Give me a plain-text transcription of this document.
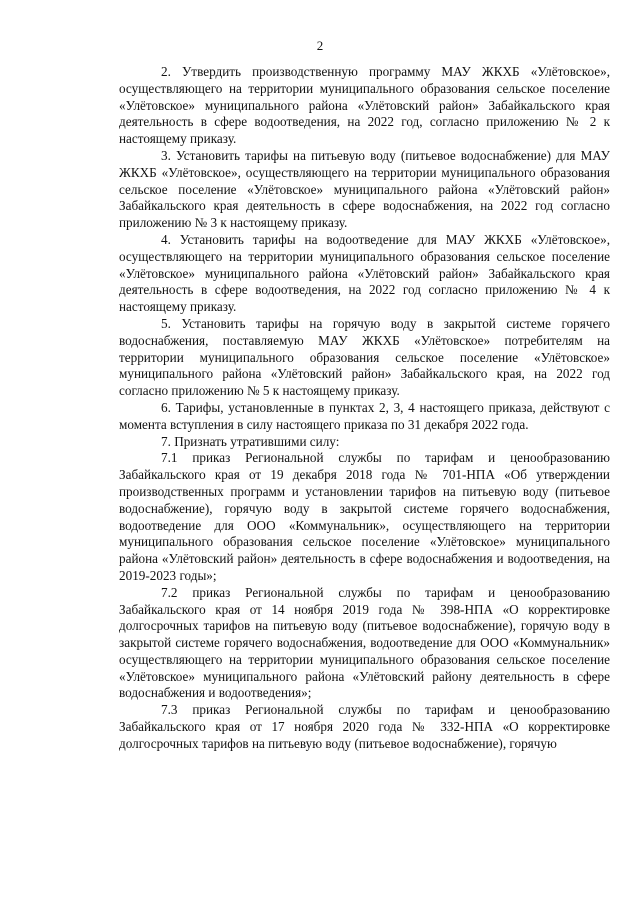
2

2. Утвердить производственную программу МАУ ЖКХБ «Улётовское», осуществляющего на территории муниципального образования сельское поселение «Улётовское» муниципального района «Улётовский район» Забайкальского края деятельность в сфере водоотведения, на 2022 год, согласно приложению № 2 к настоящему приказу.

3. Установить тарифы на питьевую воду (питьевое водоснабжение) для МАУ ЖКХБ «Улётовское», осуществляющего на территории муниципального образования сельское поселение «Улётовское» муниципального района «Улётовский район» Забайкальского края деятельность в сфере водоснабжения, на 2022 год согласно приложению № 3 к настоящему приказу.

4. Установить тарифы на водоотведение для МАУ ЖКХБ «Улётовское», осуществляющего на территории муниципального образования сельское поселение «Улётовское» муниципального района «Улётовский район» Забайкальского края деятельность в сфере водоотведения, на 2022 год согласно приложению № 4 к настоящему приказу.

5. Установить тарифы на горячую воду в закрытой системе горячего водоснабжения, поставляемую МАУ ЖКХБ «Улётовское» потребителям на территории муниципального образования сельское поселение «Улётовское» муниципального района «Улётовский район» Забайкальского края, на 2022 год согласно приложению № 5 к настоящему приказу.

6. Тарифы, установленные в пунктах 2, 3, 4 настоящего приказа, действуют с момента вступления в силу настоящего приказа по 31 декабря 2022 года.

7. Признать утратившими силу:

7.1 приказ Региональной службы по тарифам и ценообразованию Забайкальского края от 19 декабря 2018 года № 701-НПА «Об утверждении производственных программ и установлении тарифов на питьевую воду (питьевое водоснабжение), горячую воду в закрытой системе горячего водоснабжения, водоотведение для ООО «Коммунальник», осуществляющего на территории муниципального образования сельское поселение «Улётовское» муниципального района «Улётовский район» деятельность в сфере водоснабжения и водоотведения, на 2019-2023 годы»;

7.2 приказ Региональной службы по тарифам и ценообразованию Забайкальского края от 14 ноября 2019 года № 398-НПА «О корректировке долгосрочных тарифов на питьевую воду (питьевое водоснабжение), горячую воду в закрытой системе горячего водоснабжения, водоотведение для ООО «Коммунальник» осуществляющего на территории муниципального образования сельское поселение «Улётовское» муниципального района «Улётовский району деятельность в сфере водоснабжения и водоотведения»;

7.3 приказ Региональной службы по тарифам и ценообразованию Забайкальского края от 17 ноября 2020 года № 332-НПА «О корректировке долгосрочных тарифов на питьевую воду (питьевое водоснабжение), горячую
